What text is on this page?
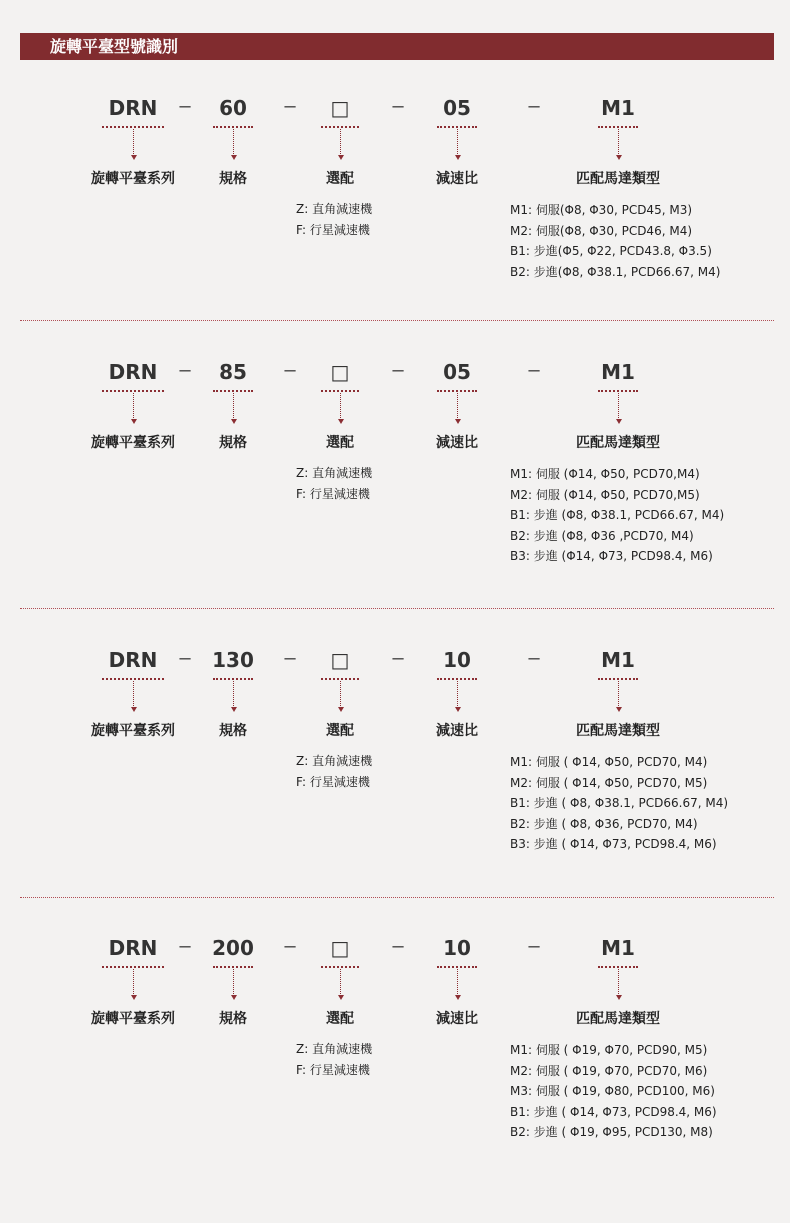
旋轉平臺型號識別
DRN
旋轉平臺系列
60
規格
□
選配
05
減速比
M1
匹配馬達類型
─	─	─	─
Z: 直角減速機
F: 行星減速機
M1: 伺服(Φ8, Φ30, PCD45, M3)
M2: 伺服(Φ8, Φ30, PCD46, M4)
B1: 步進(Φ5, Φ22, PCD43.8, Φ3.5)
B2: 步進(Φ8, Φ38.1, PCD66.67, M4)
DRN
旋轉平臺系列
85
規格
□
選配
05
減速比
M1
匹配馬達類型
─	─	─	─
Z: 直角減速機
F: 行星減速機
M1: 伺服 (Φ14, Φ50, PCD70,M4)
M2: 伺服 (Φ14, Φ50, PCD70,M5)
B1: 步進 (Φ8, Φ38.1, PCD66.67, M4)
B2: 步進 (Φ8, Φ36 ,PCD70, M4)
B3: 步進 (Φ14, Φ73, PCD98.4, M6)
DRN
旋轉平臺系列
130
規格
□
選配
10
減速比
M1
匹配馬達類型
─	─	─	─
Z: 直角減速機
F: 行星減速機
M1: 伺服 ( Φ14, Φ50, PCD70, M4)
M2: 伺服 ( Φ14, Φ50, PCD70, M5)
B1: 步進 ( Φ8, Φ38.1, PCD66.67, M4)
B2: 步進 ( Φ8, Φ36, PCD70, M4)
B3: 步進 ( Φ14, Φ73, PCD98.4, M6)
DRN
旋轉平臺系列
200
規格
□
選配
10
減速比
M1
匹配馬達類型
─	─	─	─
Z: 直角減速機
F: 行星減速機
M1: 伺服 ( Φ19, Φ70, PCD90, M5)
M2: 伺服 ( Φ19, Φ70, PCD70, M6)
M3: 伺服 ( Φ19, Φ80, PCD100, M6)
B1: 步進 ( Φ14, Φ73, PCD98.4, M6)
B2: 步進 ( Φ19, Φ95, PCD130, M8)
